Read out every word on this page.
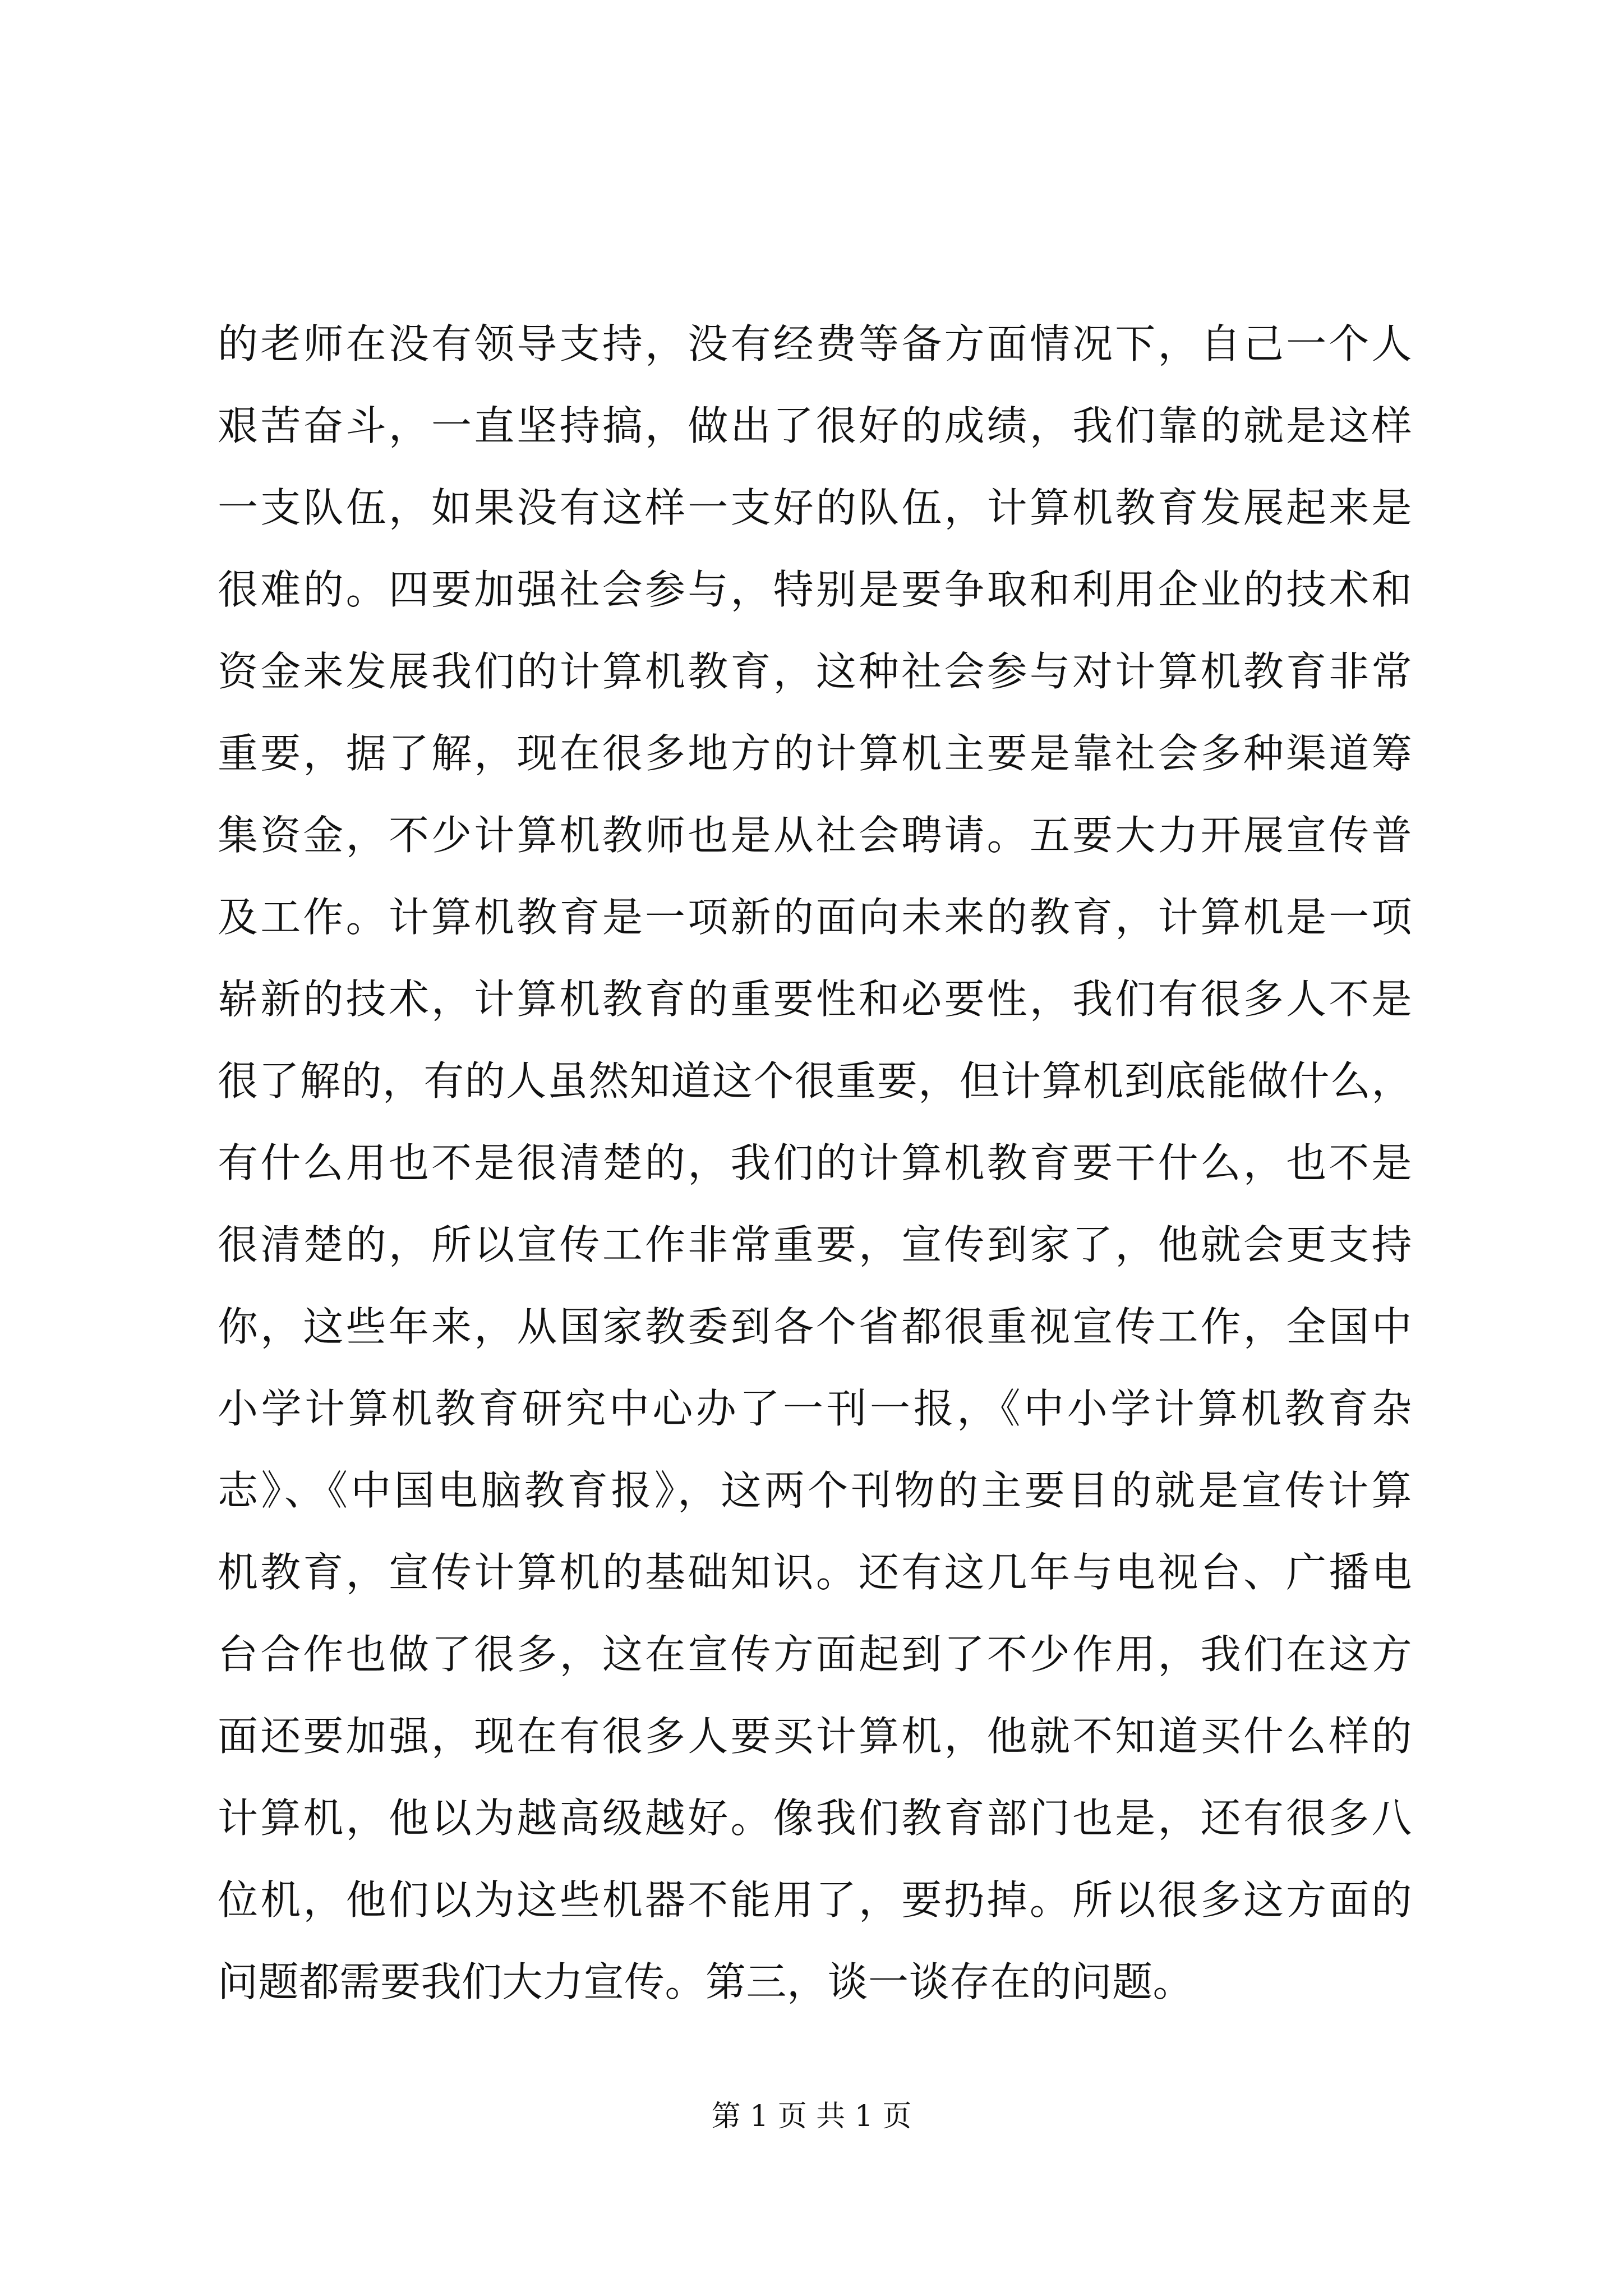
的老师在没有领导支持，没有经费等备方面情况下，自己一个人
艰苦奋斗，一直坚持搞，做出了很好的成绩，我们靠的就是这样
一支队伍，如果没有这样一支好的队伍，计算机教育发展起来是
很难的。四要加强社会参与，特别是要争取和利用企业的技术和
资金来发展我们的计算机教育，这种社会参与对计算机教育非常
重要，据了解，现在很多地方的计算机主要是靠社会多种渠道筹
集资金，不少计算机教师也是从社会聘请。五要大力开展宣传普
及工作。计算机教育是一项新的面向未来的教育，计算机是一项
崭新的技术，计算机教育的重要性和必要性，我们有很多人不是
很了解的，有的人虽然知道这个很重要，但计算机到底能做什么，
有什么用也不是很清楚的，我们的计算机教育要干什么，也不是
很清楚的，所以宣传工作非常重要，宣传到家了，他就会更支持
你，这些年来，从国家教委到各个省都很重视宣传工作，全国中
小学计算机教育研究中心办了一刊一报，《中小学计算机教育杂
志》、《中国电脑教育报》，这两个刊物的主要目的就是宣传计算
机教育，宣传计算机的基础知识。还有这几年与电视台、广播电
台合作也做了很多，这在宣传方面起到了不少作用，我们在这方
面还要加强，现在有很多人要买计算机，他就不知道买什么样的
计算机，他以为越高级越好。像我们教育部门也是，还有很多八
位机，他们以为这些机器不能用了，要扔掉。所以很多这方面的
问题都需要我们大力宣传。第三，谈一谈存在的问题。
第 1 页 共 1 页
